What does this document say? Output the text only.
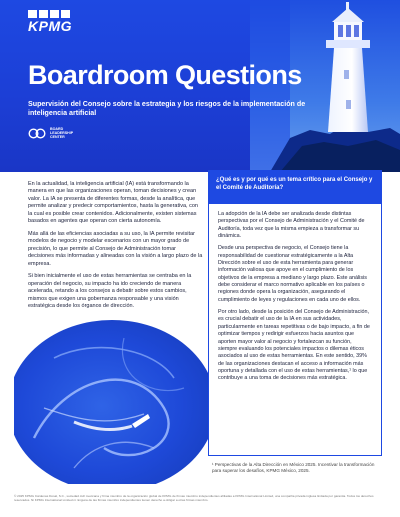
KPMG
Boardroom Questions
Supervisión del Consejo sobre la estrategia y los riesgos de la implementación de inteligencia artificial
BOARD
LEADERSHIP
CENTER

En la actualidad, la inteligencia artificial (IA) está transformando la manera en que las organizaciones operan, toman decisiones y crean valor. La IA se presenta de diferentes formas, desde la analítica, que permite analizar y predecir comportamientos, hasta la generativa, con la cual es posible crear contenidos. Adicionalmente, existen sistemas basados en agentes que operan con cierta autonomía.

Más allá de las eficiencias asociadas a su uso, la IA permite revisitar modelos de negocio y modelar escenarios con un mayor grado de precisión, lo que permite al Consejo de Administración tomar decisiones más informadas y alineadas con la visión a largo plazo de la empresa.

Si bien inicialmente el uso de estas herramientas se centraba en la operación del negocio, su impacto ha ido creciendo de manera acelerada, retando a los consejos a debatir sobre estos cambios, mismos que exigen una gobernanza responsable y una visión estratégica desde los órganos de dirección.

¿Qué es y por qué es un tema crítico para el Consejo y el Comité de Auditoría?

La adopción de la IA debe ser analizada desde distintas perspectivas por el Consejo de Administración y el Comité de Auditoría, toda vez que la misma empieza a transformar su dinámica.

Desde una perspectiva de negocio, el Consejo tiene la responsabilidad de cuestionar estratégicamente a la Alta Dirección sobre el uso de esta herramienta para generar información valiosa que apoye en el cumplimiento de los objetivos de la empresa a mediano y largo plazo. Este análisis debe considerar el marco normativo aplicable en los países o regiones donde opera la organización, asegurando el cumplimiento de leyes y regulaciones en cada uno de ellos.

Por otro lado, desde la posición del Consejo de Administración, es crucial debatir el uso de la IA en sus actividades, particularmente en tareas repetitivas o de bajo impacto, a fin de optimizar tiempos y redirigir esfuerzos hacia asuntos que aporten mayor valor al negocio y fortalezcan su función, siempre evaluando los potenciales impactos o dilemas éticos asociados al uso de estas herramientas. En este sentido, 39% de las organizaciones destacan el acceso a información más oportuna y detallada con el uso de estas herramientas,¹ lo que contribuye a una toma de decisiones más estratégica.

¹ Perspectivas de la Alta Dirección en México 2025. Incentivar la transformación para superar los desafíos, KPMG México, 2025.
© 2025 KPMG Cárdenas Dosal, S.C., sociedad civil mexicana y firma miembro de la organización global de KPMG de firmas miembro independientes afiliadas a KPMG International Limited, una compañía privada inglesa limitada por garantía. Todos los derechos reservados. Ni KPMG International Limited ni ninguna de las firmas miembro independientes tienen derecho a obligar a otras firmas miembro.
